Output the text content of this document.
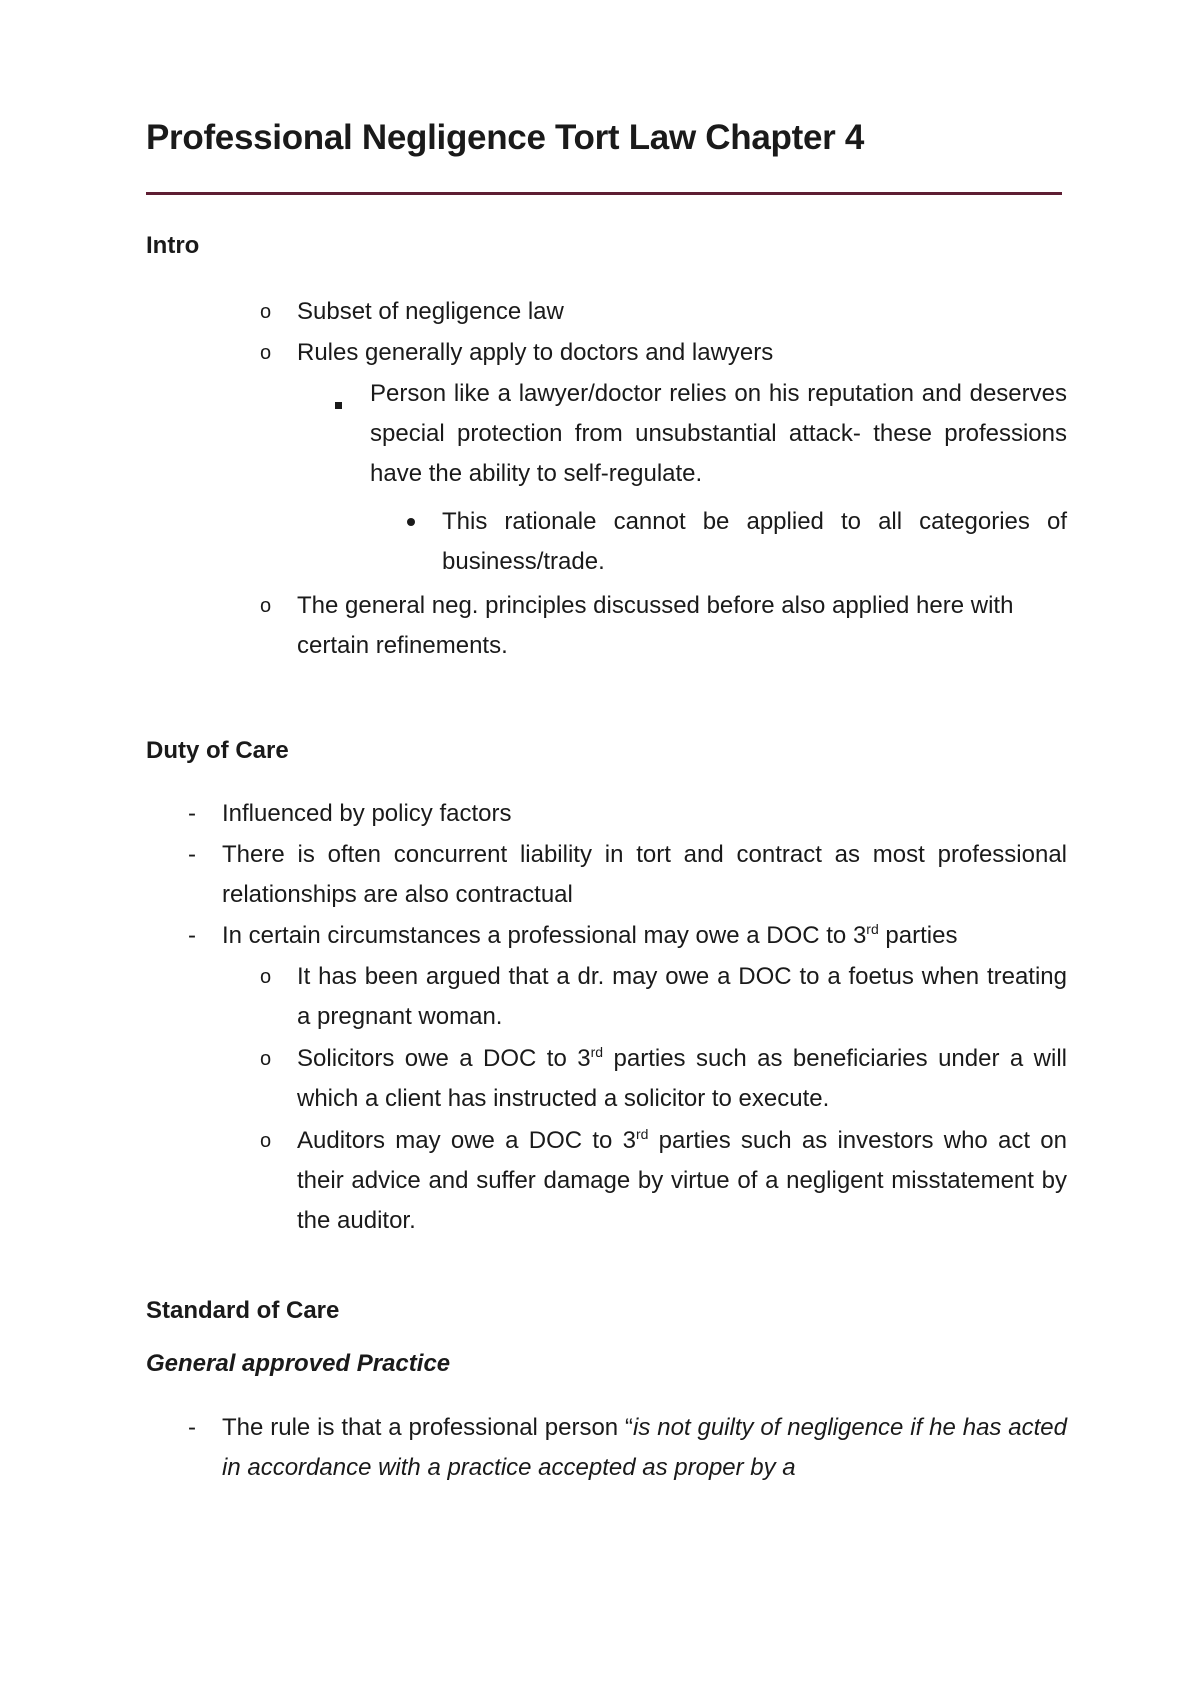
Professional Negligence Tort Law Chapter 4
Intro
o Subset of negligence law

o Rules generally apply to doctors and lawyers

Person like a lawyer/doctor relies on his reputation and deserves special protection from unsubstantial attack- these professions have the ability to self-regulate.

This rationale cannot be applied to all categories of business/trade.

o The general neg. principles discussed before also applied here with certain refinements.

Duty of Care
- Influenced by policy factors

- There is often concurrent liability in tort and contract as most professional relationships are also contractual

- In certain circumstances a professional may owe a DOC to 3rd parties

o It has been argued that a dr. may owe a DOC to a foetus when treating a pregnant woman.

o Solicitors owe a DOC to 3rd parties such as beneficiaries under a will which a client has instructed a solicitor to execute.

o Auditors may owe a DOC to 3rd parties such as investors who act on their advice and suffer damage by virtue of a negligent misstatement by the auditor.

Standard of Care
General approved Practice
- The rule is that a professional person “is not guilty of negligence if he has acted in accordance with a practice accepted as proper by a
